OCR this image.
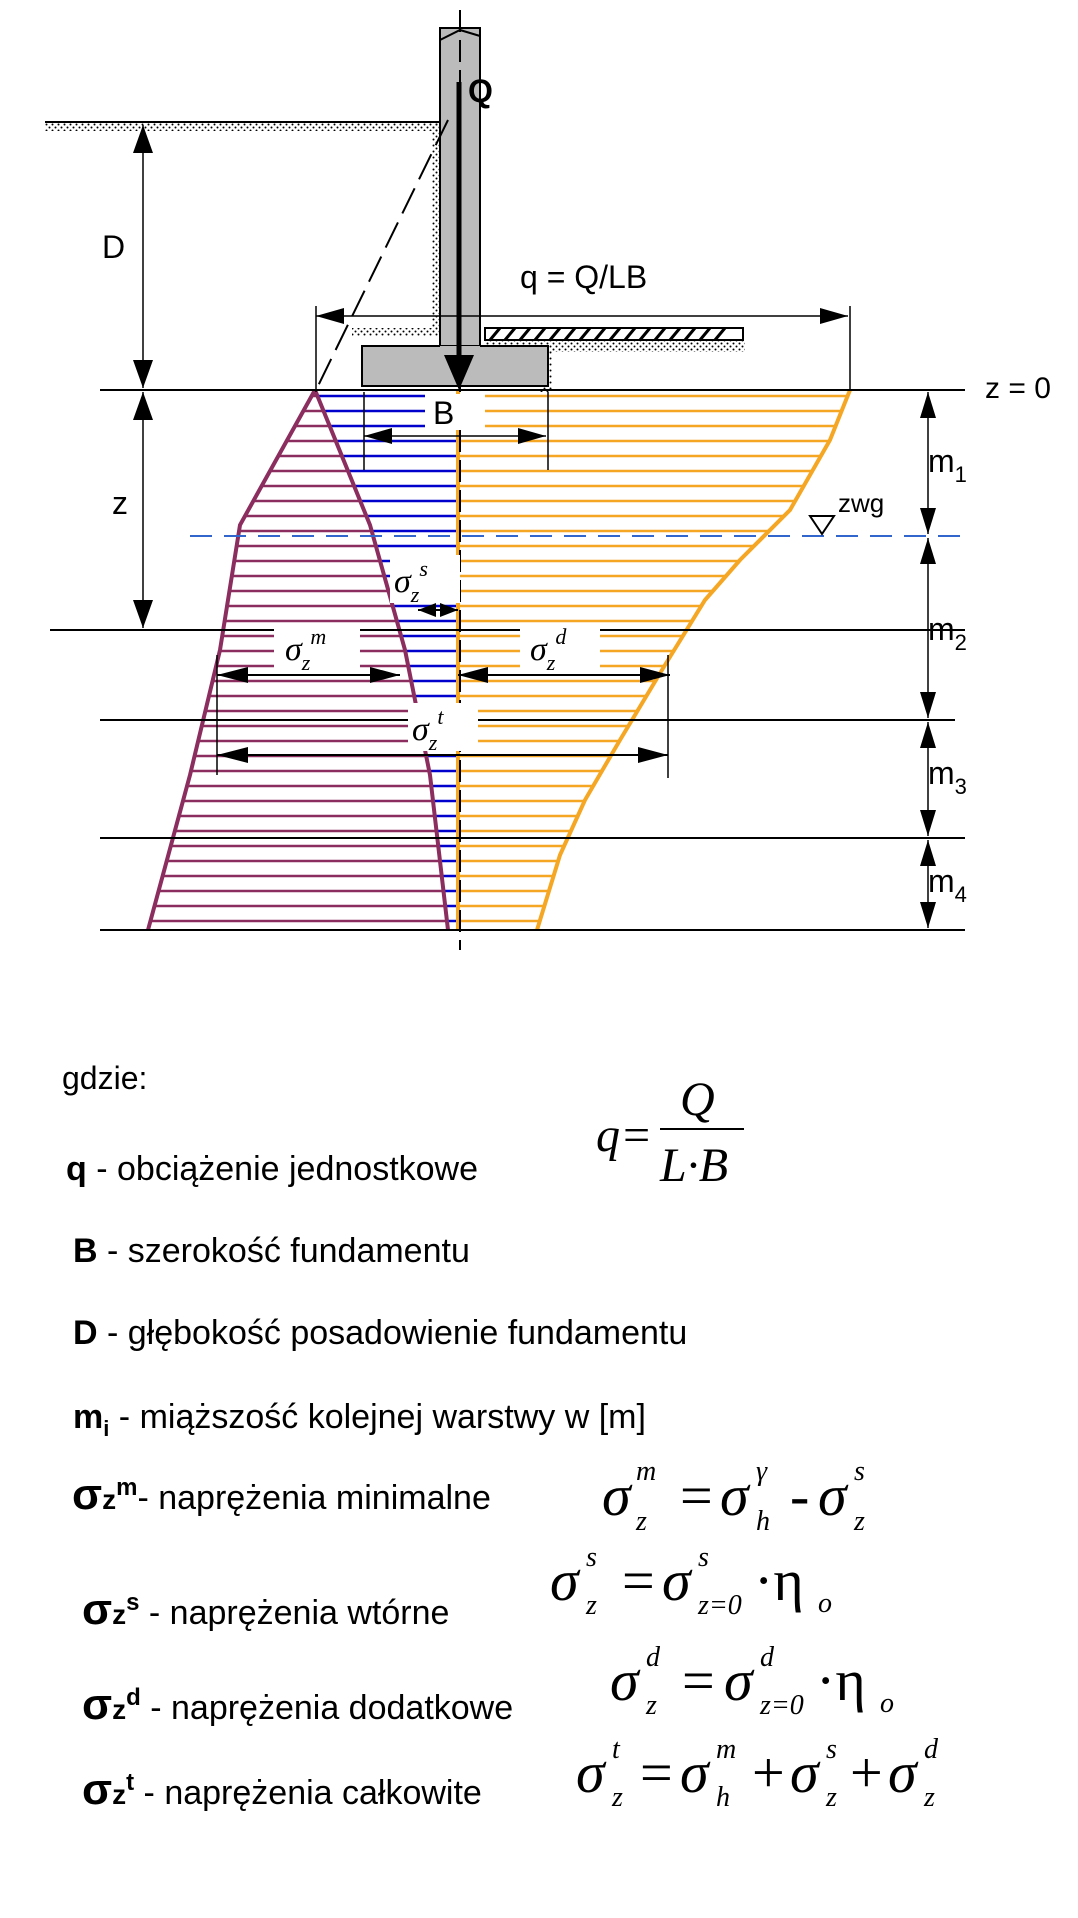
Q
D
q = Q/LB
z = 0
B
z
$m_1$
$m_2$
$m_3$
$m_4$
zwg
$\sigma_z^s$
$\sigma_z^m$	$\sigma_z^d$
$\sigma_z^t$
gdzie:
q - obciążenie jednostkowe
B - szerokość fundamentu
D - głębokość posadowienie fundamentu
$m_i$ - miąższość kolejnej warstwy w [m]
$\sigma z^m-$ naprężenia minimalne
$\sigma z^s$ - naprężenia wtórne
$\sigma z^d$ - naprężenia dodatkowe
$\sigma z^t$ - naprężenia całkowite
q=
Q
L·B
σ z
m = σ h
γ - σ z
s
σ z
s = σ z=0
s ·η o
σ z
d = σ z=0
d ·η o
σ z
t = σ h
m + σ z
s + σ z
d
